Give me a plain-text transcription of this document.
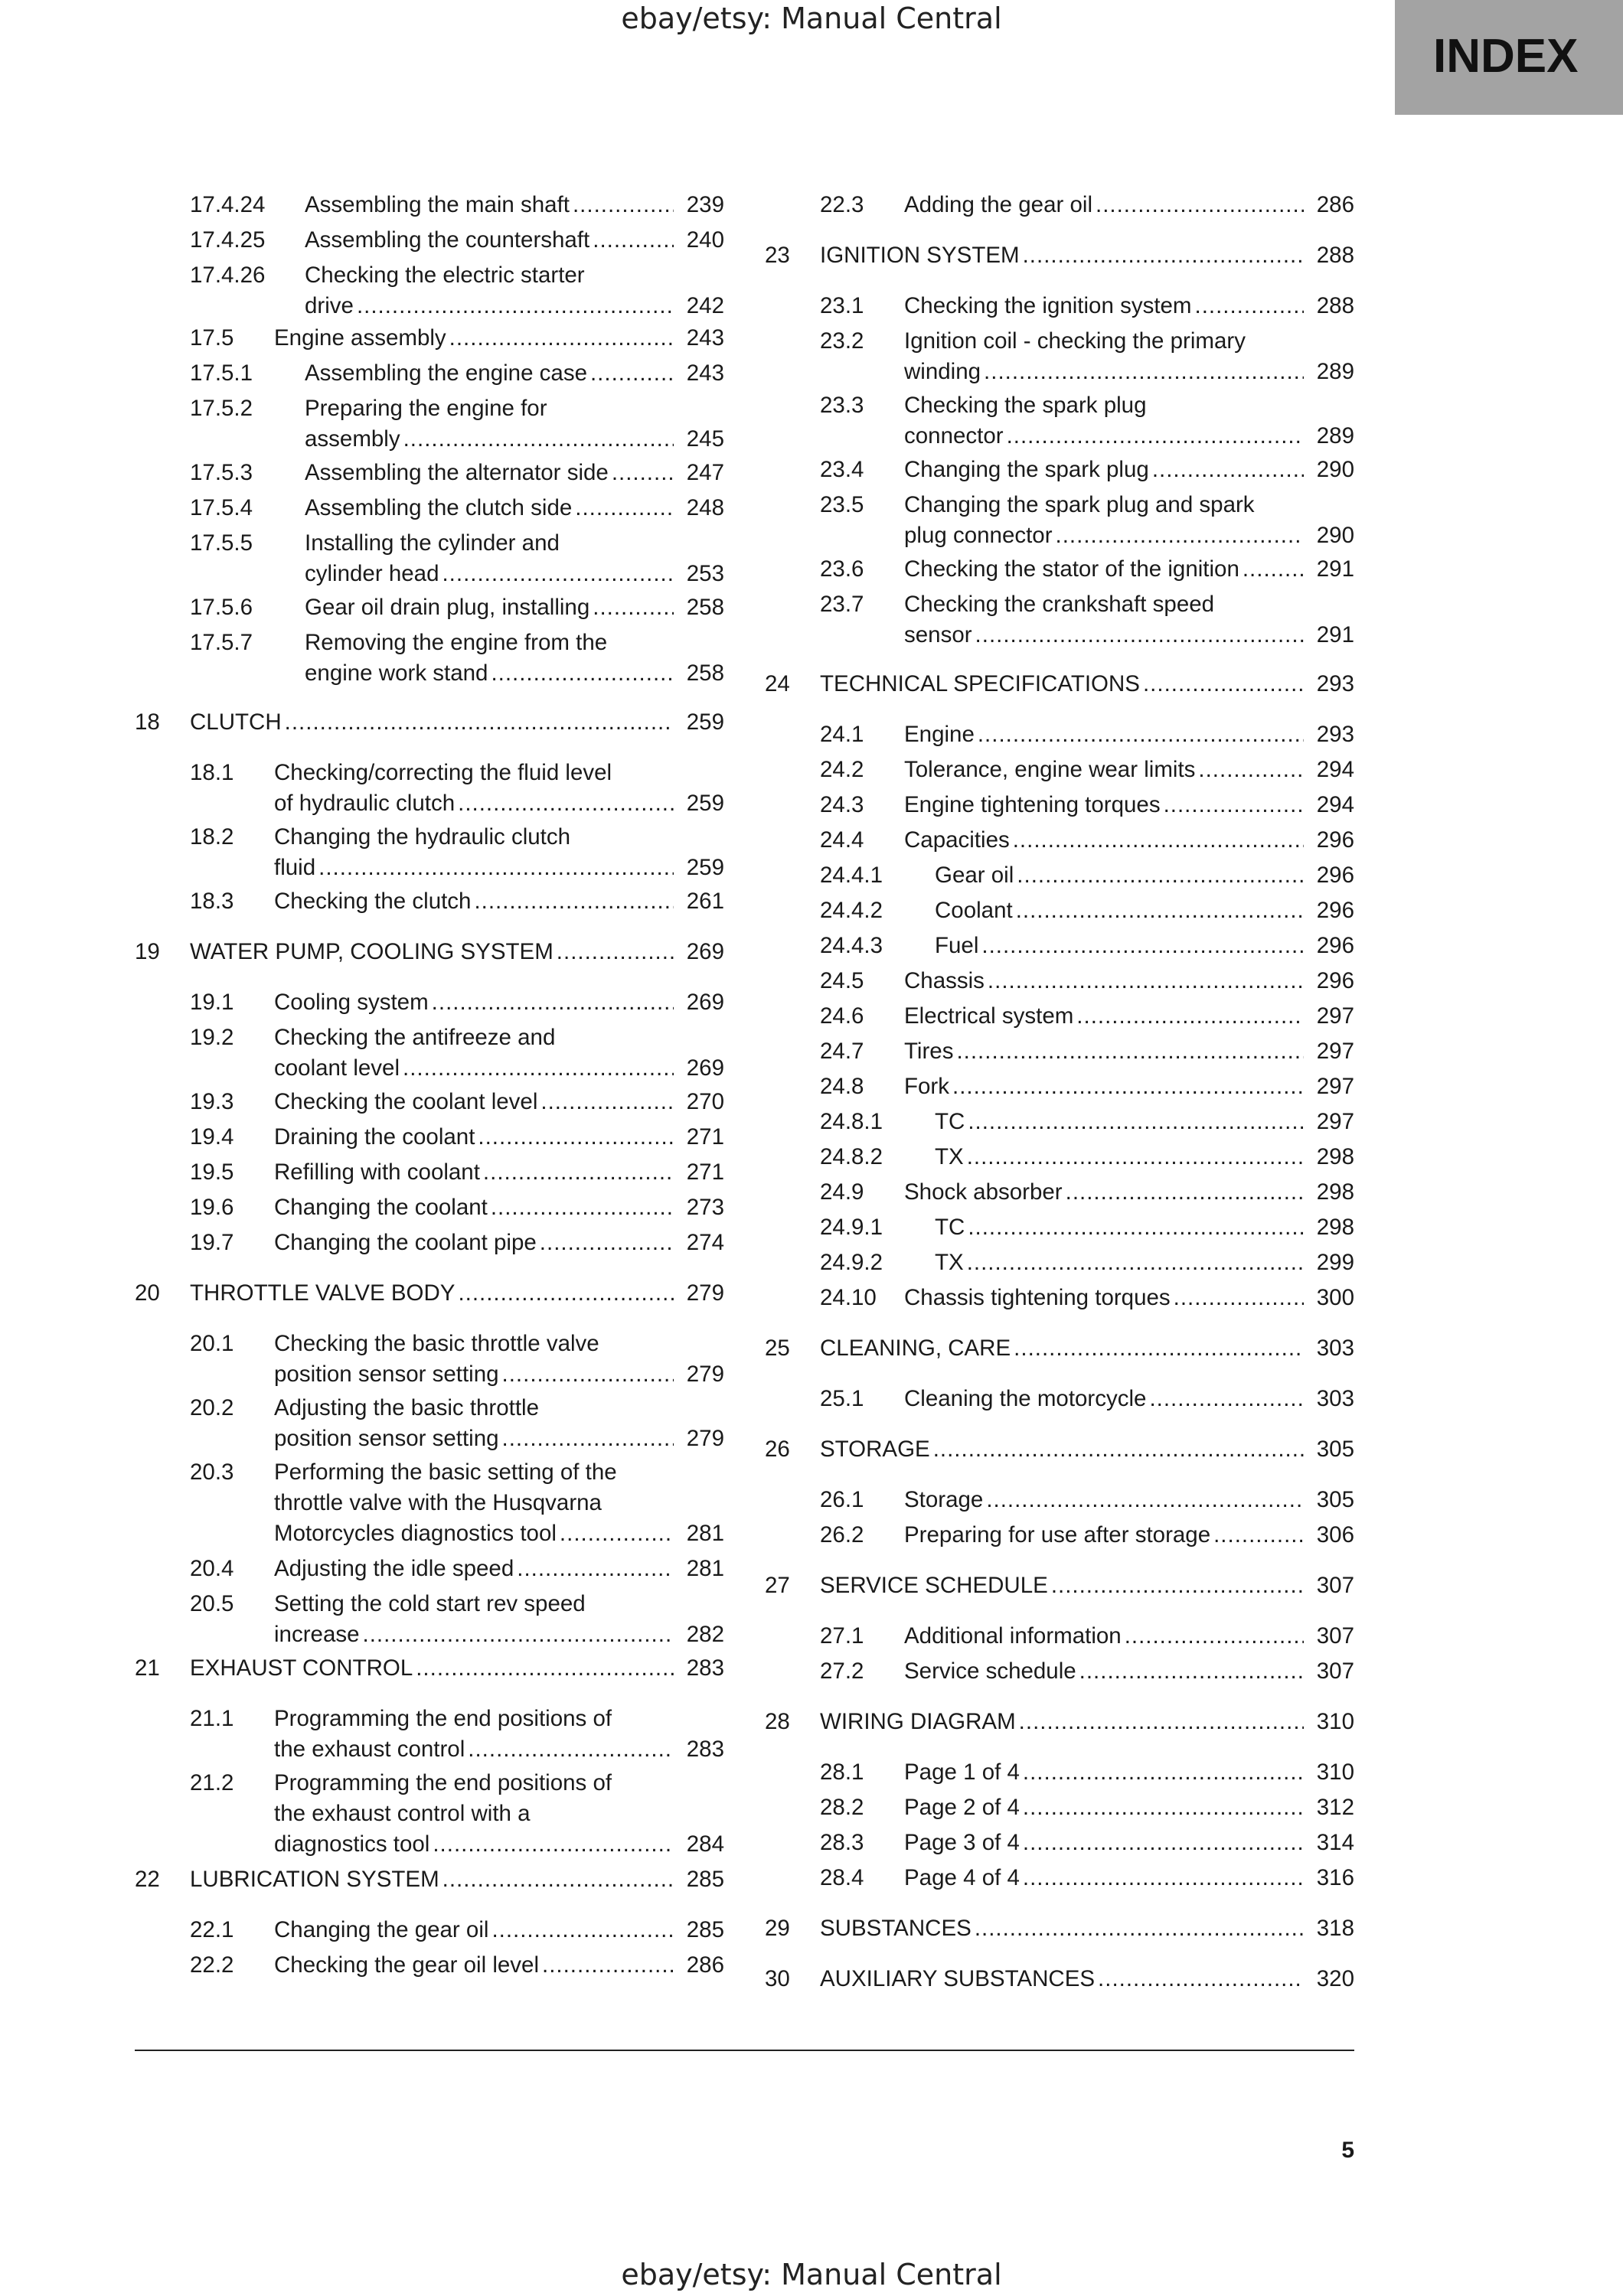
ebay/etsy: Manual Central
INDEX
17.4.24 Assembling the main shaft .....	239
17.4.25 Assembling the countershaft .....	240
17.4.26 Checking the electric starter
drive .....	242
17.5 Engine assembly .....	243
17.5.1 Assembling the engine case .....	243
17.5.2 Preparing the engine for
assembly .....	245
17.5.3 Assembling the alternator side .....	247
17.5.4 Assembling the clutch side .....	248
17.5.5 Installing the cylinder and
cylinder head .....	253
17.5.6 Gear oil drain plug, installing .....	258
17.5.7 Removing the engine from the
engine work stand .....	258
18 CLUTCH .....	259
18.1 Checking/correcting the fluid level
of hydraulic clutch .....	259
18.2 Changing the hydraulic clutch
fluid .....	259
18.3 Checking the clutch .....	261
19 WATER PUMP, COOLING SYSTEM .....	269
19.1 Cooling system .....	269
19.2 Checking the antifreeze and
coolant level .....	269
19.3 Checking the coolant level .....	270
19.4 Draining the coolant .....	271
19.5 Refilling with coolant .....	271
19.6 Changing the coolant .....	273
19.7 Changing the coolant pipe .....	274
20 THROTTLE VALVE BODY .....	279
20.1 Checking the basic throttle valve
position sensor setting .....	279
20.2 Adjusting the basic throttle
position sensor setting .....	279
20.3 Performing the basic setting of the
throttle valve with the Husqvarna
Motorcycles diagnostics tool .....	281
20.4 Adjusting the idle speed .....	281
20.5 Setting the cold start rev speed
increase .....	282
21 EXHAUST CONTROL .....	283
21.1 Programming the end positions of
the exhaust control .....	283
21.2 Programming the end positions of
the exhaust control with a
diagnostics tool .....	284
22 LUBRICATION SYSTEM .....	285
22.1 Changing the gear oil .....	285
22.2 Checking the gear oil level .....	286
22.3 Adding the gear oil .....	286
23 IGNITION SYSTEM .....	288
23.1 Checking the ignition system .....	288
23.2 Ignition coil - checking the primary
winding .....	289
23.3 Checking the spark plug
connector .....	289
23.4 Changing the spark plug .....	290
23.5 Changing the spark plug and spark
plug connector .....	290
23.6 Checking the stator of the ignition .....	291
23.7 Checking the crankshaft speed
sensor .....	291
24 TECHNICAL SPECIFICATIONS .....	293
24.1 Engine .....	293
24.2 Tolerance, engine wear limits .....	294
24.3 Engine tightening torques .....	294
24.4 Capacities .....	296
24.4.1 Gear oil .....	296
24.4.2 Coolant .....	296
24.4.3 Fuel .....	296
24.5 Chassis .....	296
24.6 Electrical system .....	297
24.7 Tires .....	297
24.8 Fork .....	297
24.8.1 TC .....	297
24.8.2 TX .....	298
24.9 Shock absorber .....	298
24.9.1 TC .....	298
24.9.2 TX .....	299
24.10 Chassis tightening torques .....	300
25 CLEANING, CARE .....	303
25.1 Cleaning the motorcycle .....	303
26 STORAGE .....	305
26.1 Storage .....	305
26.2 Preparing for use after storage .....	306
27 SERVICE SCHEDULE .....	307
27.1 Additional information .....	307
27.2 Service schedule .....	307
28 WIRING DIAGRAM .....	310
28.1 Page 1 of 4 .....	310
28.2 Page 2 of 4 .....	312
28.3 Page 3 of 4 .....	314
28.4 Page 4 of 4 .....	316
29 SUBSTANCES .....	318
30 AUXILIARY SUBSTANCES .....	320
5
ebay/etsy: Manual Central
